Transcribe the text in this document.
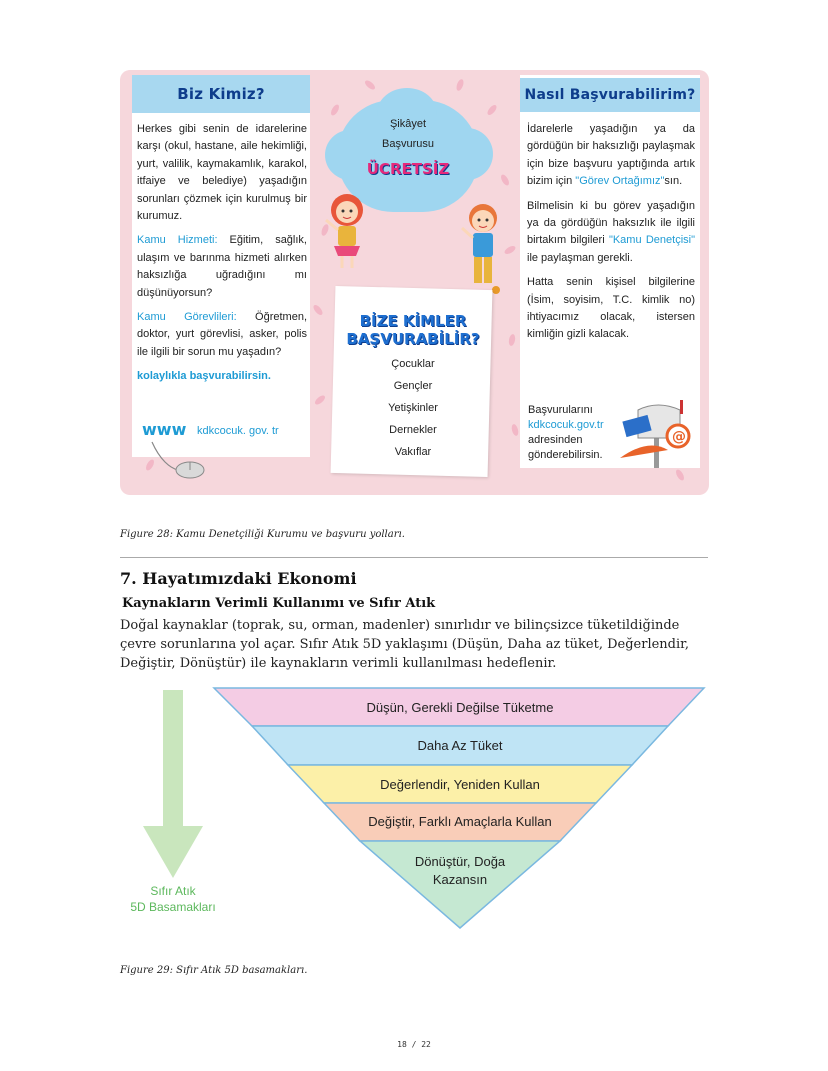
Biz Kimiz?

Herkes gibi senin de idarelerine karşı (okul, hastane, aile hekimliği, yurt, valilik, kaymakamlık, karakol, itfaiye ve belediye) yaşadığın sorunları çözmek için kurulmuş bir kurumuz.

Kamu Hizmeti: Eğitim, sağlık, ulaşım ve barınma hizmeti alırken haksızlığa uğradığını mı düşünüyorsun?

Kamu Görevlileri: Öğretmen, doktor, yurt görevlisi, asker, polis ile ilgili bir sorun mu yaşadın?

kolaylıkla başvurabilirsin.

www kdkcocuk. gov. tr
Şikâyet
Başvurusu
ÜCRETSİZ
BİZE KİMLER
BAŞVURABİLİR?
Çocuklar
Gençler
Yetişkinler
Dernekler
Vakıflar
Nasıl Başvurabilirim?

İdarelerle yaşadığın ya da gördüğün bir haksızlığı paylaşmak için bize başvuru yaptığında artık bizim için "Görev Ortağımız"sın.

Bilmelisin ki bu görev yaşadığın ya da gördüğün haksızlık ile ilgili birtakım bilgileri "Kamu Denetçisi" ile paylaşman gerekli.

Hatta senin kişisel bilgilerine (İsim, soyisim, T.C. kimlik no) ihtiyacımız olacak, istersen kimliğin gizli kalacak.

Başvurularını
kdkcocuk.gov.tr
adresinden
gönderebilirsin.
@
Figure 28: Kamu Denetçiliği Kurumu ve başvuru yolları.
7. Hayatımızdaki Ekonomi
Kaynakların Verimli Kullanımı ve Sıfır Atık
Doğal kaynaklar (toprak, su, orman, madenler) sınırlıdır ve bilinçsizce tüketildiğinde çevre sorunlarına yol açar. Sıfır Atık 5D yaklaşımı (Düşün, Daha az tüket, Değerlendir, Değiştir, Dönüştür) ile kaynakların verimli kullanılması hedeflenir.
Düşün, Gerekli Değilse Tüketme
Daha Az Tüket
Değerlendir, Yeniden Kullan
Değiştir, Farklı Amaçlarla Kullan
Dönüştür, Doğa
Kazansın
Sıfır Atık
5D Basamakları
Figure 29: Sıfır Atık 5D basamakları.
18 / 22
